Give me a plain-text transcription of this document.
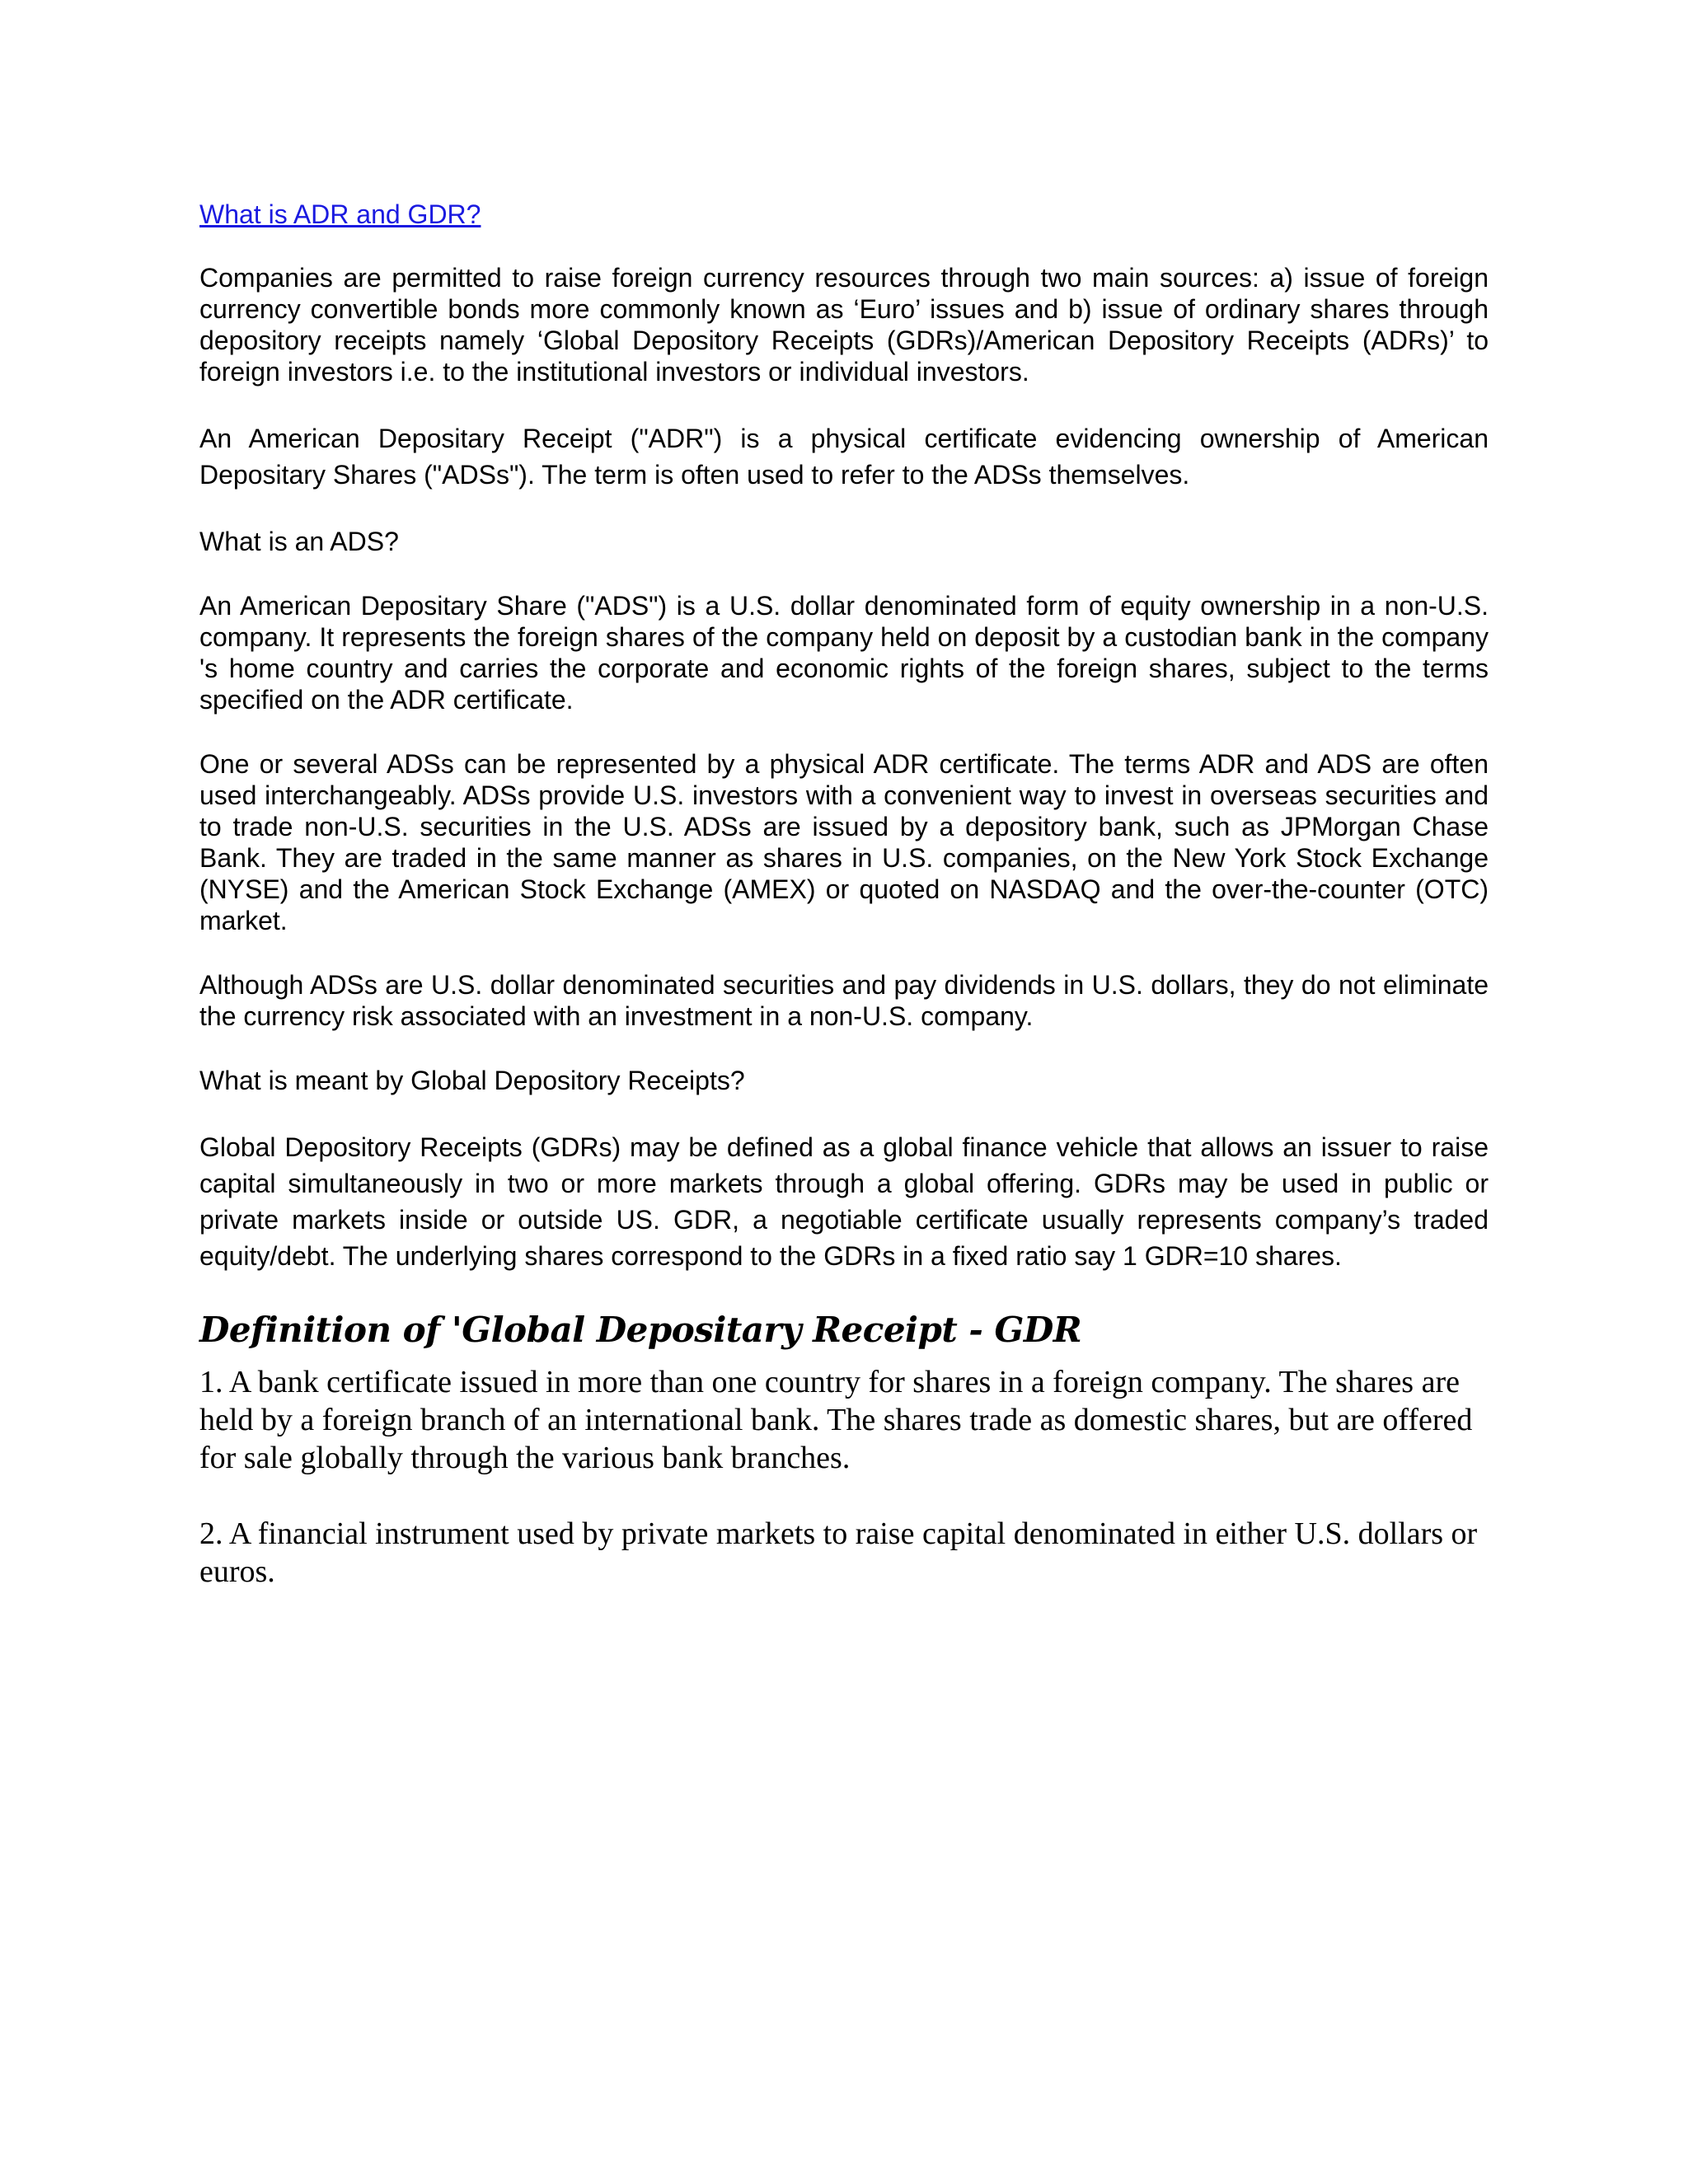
What is ADR and GDR?

Companies are permitted to raise foreign currency resources through two main sources: a) issue of foreign currency convertible bonds more commonly known as ‘Euro’ issues and b) issue of ordinary shares through depository receipts namely ‘Global Depository Receipts (GDRs)/American Depository Receipts (ADRs)’ to foreign investors i.e. to the institutional investors or individual investors.

An American Depositary Receipt ("ADR") is a physical certificate evidencing ownership of American Depositary Shares ("ADSs"). The term is often used to refer to the ADSs themselves.

What is an ADS?

An American Depositary Share ("ADS") is a U.S. dollar denominated form of equity ownership in a non-U.S. company. It represents the foreign shares of the company held on deposit by a custodian bank in the company 's home country and carries the corporate and economic rights of the foreign shares, subject to the terms specified on the ADR certificate.

One or several ADSs can be represented by a physical ADR certificate. The terms ADR and ADS are often used interchangeably. ADSs provide U.S. investors with a convenient way to invest in overseas securities and to trade non-U.S. securities in the U.S. ADSs are issued by a depository bank, such as JPMorgan Chase Bank. They are traded in the same manner as shares in U.S. companies, on the New York Stock Exchange (NYSE) and the American Stock Exchange (AMEX) or quoted on NASDAQ and the over-the-counter (OTC) market.

Although ADSs are U.S. dollar denominated securities and pay dividends in U.S. dollars, they do not eliminate the currency risk associated with an investment in a non-U.S. company.

What is meant by Global Depository Receipts?

Global Depository Receipts (GDRs) may be defined as a global finance vehicle that allows an issuer to raise capital simultaneously in two or more markets through a global offering. GDRs may be used in public or private markets inside or outside US. GDR, a negotiable certificate usually represents company’s traded equity/debt. The underlying shares correspond to the GDRs in a fixed ratio say 1 GDR=10 shares.

Definition of 'Global Depositary Receipt - GDR

1. A bank certificate issued in more than one country for shares in a foreign company. The shares are held by a foreign branch of an international bank. The shares trade as domestic shares, but are offered for sale globally through the various bank branches.

2. A financial instrument used by private markets to raise capital denominated in either U.S. dollars or euros.
